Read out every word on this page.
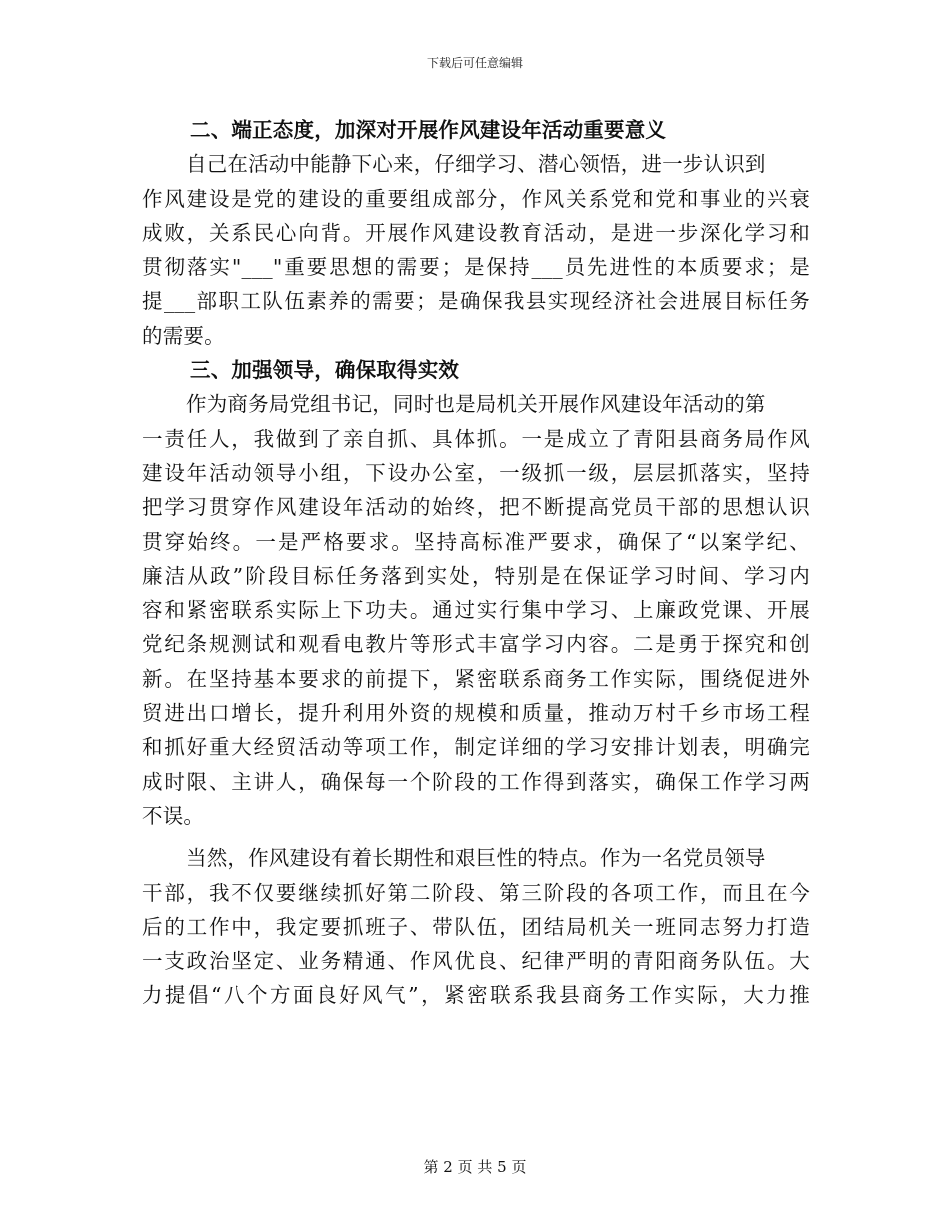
下载后可任意编辑
二、端正态度，加深对开展作风建设年活动重要意义
自己在活动中能静下心来，仔细学习、潜心领悟，进一步认识到
作风建设是党的建设的重要组成部分，作风关系党和党和事业的兴衰
成败，关系民心向背。开展作风建设教育活动，是进一步深化学习和
贯彻落实"___"重要思想的需要；是保持___员先进性的本质要求；是
提___部职工队伍素养的需要；是确保我县实现经济社会进展目标任务
的需要。
三、加强领导，确保取得实效
作为商务局党组书记，同时也是局机关开展作风建设年活动的第
一责任人，我做到了亲自抓、具体抓。一是成立了青阳县商务局作风
建设年活动领导小组，下设办公室，一级抓一级，层层抓落实，坚持
把学习贯穿作风建设年活动的始终，把不断提高党员干部的思想认识
贯穿始终。一是严格要求。坚持高标准严要求，确保了“以案学纪、
廉洁从政”阶段目标任务落到实处，特别是在保证学习时间、学习内
容和紧密联系实际上下功夫。通过实行集中学习、上廉政党课、开展
党纪条规测试和观看电教片等形式丰富学习内容。二是勇于探究和创
新。在坚持基本要求的前提下，紧密联系商务工作实际，围绕促进外
贸进出口增长，提升利用外资的规模和质量，推动万村千乡市场工程
和抓好重大经贸活动等项工作，制定详细的学习安排计划表，明确完
成时限、主讲人，确保每一个阶段的工作得到落实，确保工作学习两
不误。
当然，作风建设有着长期性和艰巨性的特点。作为一名党员领导
干部，我不仅要继续抓好第二阶段、第三阶段的各项工作，而且在今
后的工作中，我定要抓班子、带队伍，团结局机关一班同志努力打造
一支政治坚定、业务精通、作风优良、纪律严明的青阳商务队伍。大
力提倡“八个方面良好风气”，紧密联系我县商务工作实际，大力推
第 2 页 共 5 页
